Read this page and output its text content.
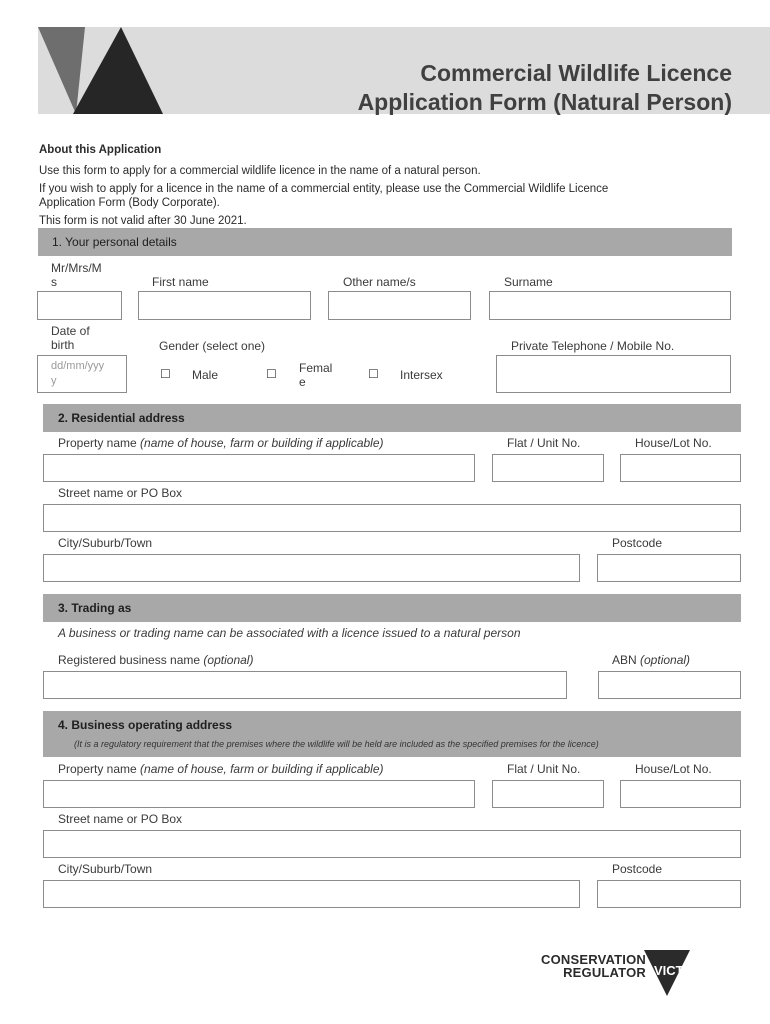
Commercial Wildlife Licence
Application Form (Natural Person)
About this Application
Use this form to apply for a commercial wildlife licence in the name of a natural person.
If you wish to apply for a licence in the name of a commercial entity, please use the Commercial Wildlife Licence
Application Form (Body Corporate).
This form is not valid after 30 June 2021.
1. Your personal details
Mr/Mrs/M
s	First name	Other name/s	Surname
Date of
birth	Gender (select one)	Private Telephone / Mobile No.
dd/mm/yyy
y	☐ Male	☐ Femal
e
☐ Intersex
2. Residential address
Property name (name of house, farm or building if applicable)	Flat / Unit No.	House/Lot No.
Street name or PO Box
City/Suburb/Town	Postcode
3. Trading as
A business or trading name can be associated with a licence issued to a natural person
Registered business name (optional)	ABN (optional)
4. Business operating address
(It is a regulatory requirement that the premises where the wildlife will be held are included as the specified premises for the licence)
Property name (name of house, farm or building if applicable)	Flat / Unit No.	House/Lot No.
Street name or PO Box
City/Suburb/Town	Postcode
CONSERVATION
REGULATOR VICTORIA
